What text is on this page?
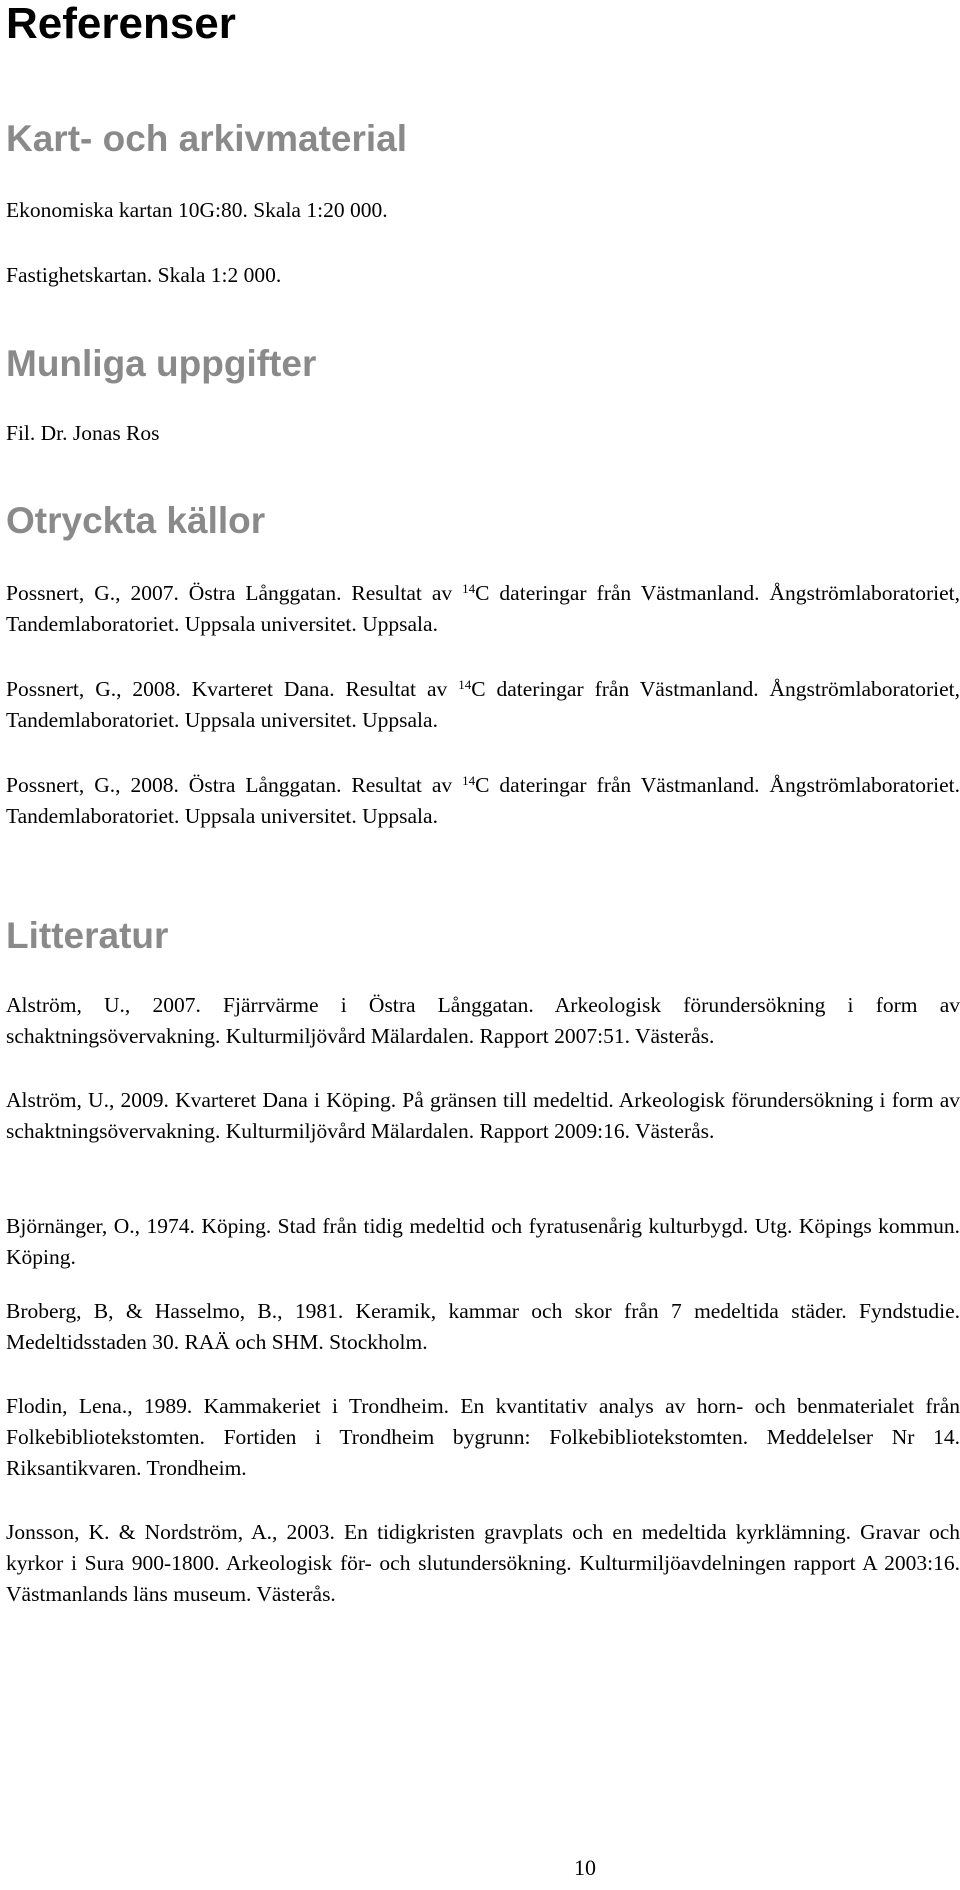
Referenser
Kart- och arkivmaterial

Ekonomiska kartan 10G:80. Skala 1:20 000.

Fastighetskartan. Skala 1:2 000.

Munliga uppgifter

Fil. Dr. Jonas Ros

Otryckta källor

Possnert, G., 2007. Östra Långgatan. Resultat av $^{14}$C dateringar från Västmanland. Ångströmlaboratoriet, Tandemlaboratoriet. Uppsala universitet. Uppsala.

Possnert, G., 2008. Kvarteret Dana. Resultat av $^{14}$C dateringar från Västmanland. Ångströmlaboratoriet, Tandemlaboratoriet. Uppsala universitet. Uppsala.

Possnert, G., 2008. Östra Långgatan. Resultat av $^{14}$C dateringar från Västmanland. Ångströmlaboratoriet. Tandemlaboratoriet. Uppsala universitet. Uppsala.

Litteratur

Alström, U., 2007. Fjärrvärme i Östra Långgatan. Arkeologisk förundersökning i form av schaktningsövervakning. Kulturmiljövård Mälardalen. Rapport 2007:51. Västerås.

Alström, U., 2009. Kvarteret Dana i Köping. På gränsen till medeltid. Arkeologisk förundersökning i form av schaktningsövervakning. Kulturmiljövård Mälardalen. Rapport 2009:16. Västerås.

Björnänger, O., 1974. Köping. Stad från tidig medeltid och fyratusenårig kulturbygd. Utg. Köpings kommun. Köping.

Broberg, B, & Hasselmo, B., 1981. Keramik, kammar och skor från 7 medeltida städer. Fyndstudie. Medeltidsstaden 30. RAÄ och SHM. Stockholm.

Flodin, Lena., 1989. Kammakeriet i Trondheim. En kvantitativ analys av horn- och benmaterialet från Folkebibliotekstomten. Fortiden i Trondheim bygrunn: Folkebibliotekstomten. Meddelelser Nr 14. Riksantikvaren. Trondheim.

Jonsson, K. & Nordström, A., 2003. En tidigkristen gravplats och en medeltida kyrklämning. Gravar och kyrkor i Sura 900-1800. Arkeologisk för- och slutundersökning. Kulturmiljöavdelningen rapport A 2003:16. Västmanlands läns museum. Västerås.

10
